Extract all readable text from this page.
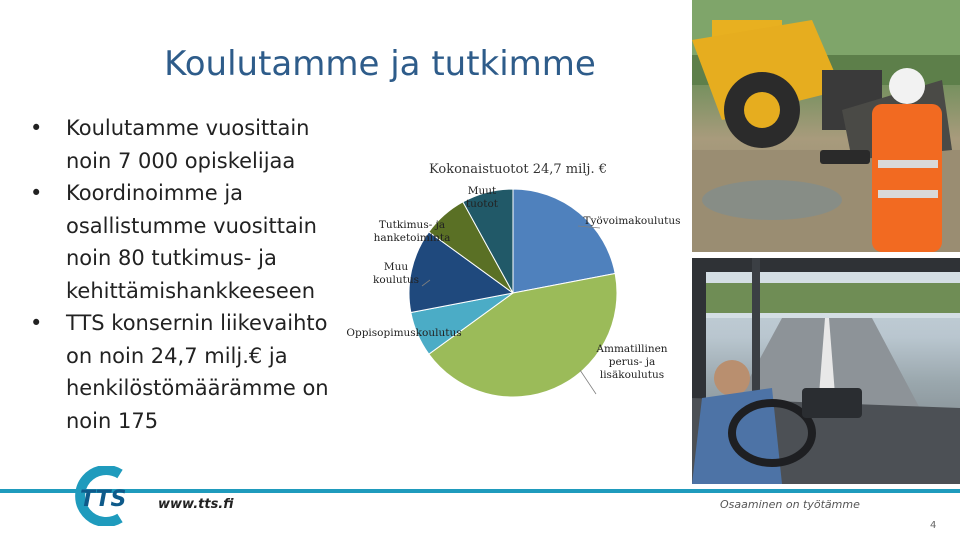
Koulutamme ja tutkimme
• Koulutamme vuosittain noin 7 000 opiskelijaa
• Koordinoimme ja osallistumme vuosittain noin 80 tutkimus- ja kehittämishankkeeseen
• TTS konsernin liikevaihto on noin 24,7 milj.€ ja henkilöstömäärämme on noin 175
Kokonaistuotot 24,7 milj. €
Työvoimakoulutus
Ammatillinen perus- ja lisäkoulutus
Oppisopimuskoulutus
Muu koulutus
Tutkimus- ja hanketoiminta
Muut tuotot
TTS www.tts.fi	Osaaminen on työtämme
4
